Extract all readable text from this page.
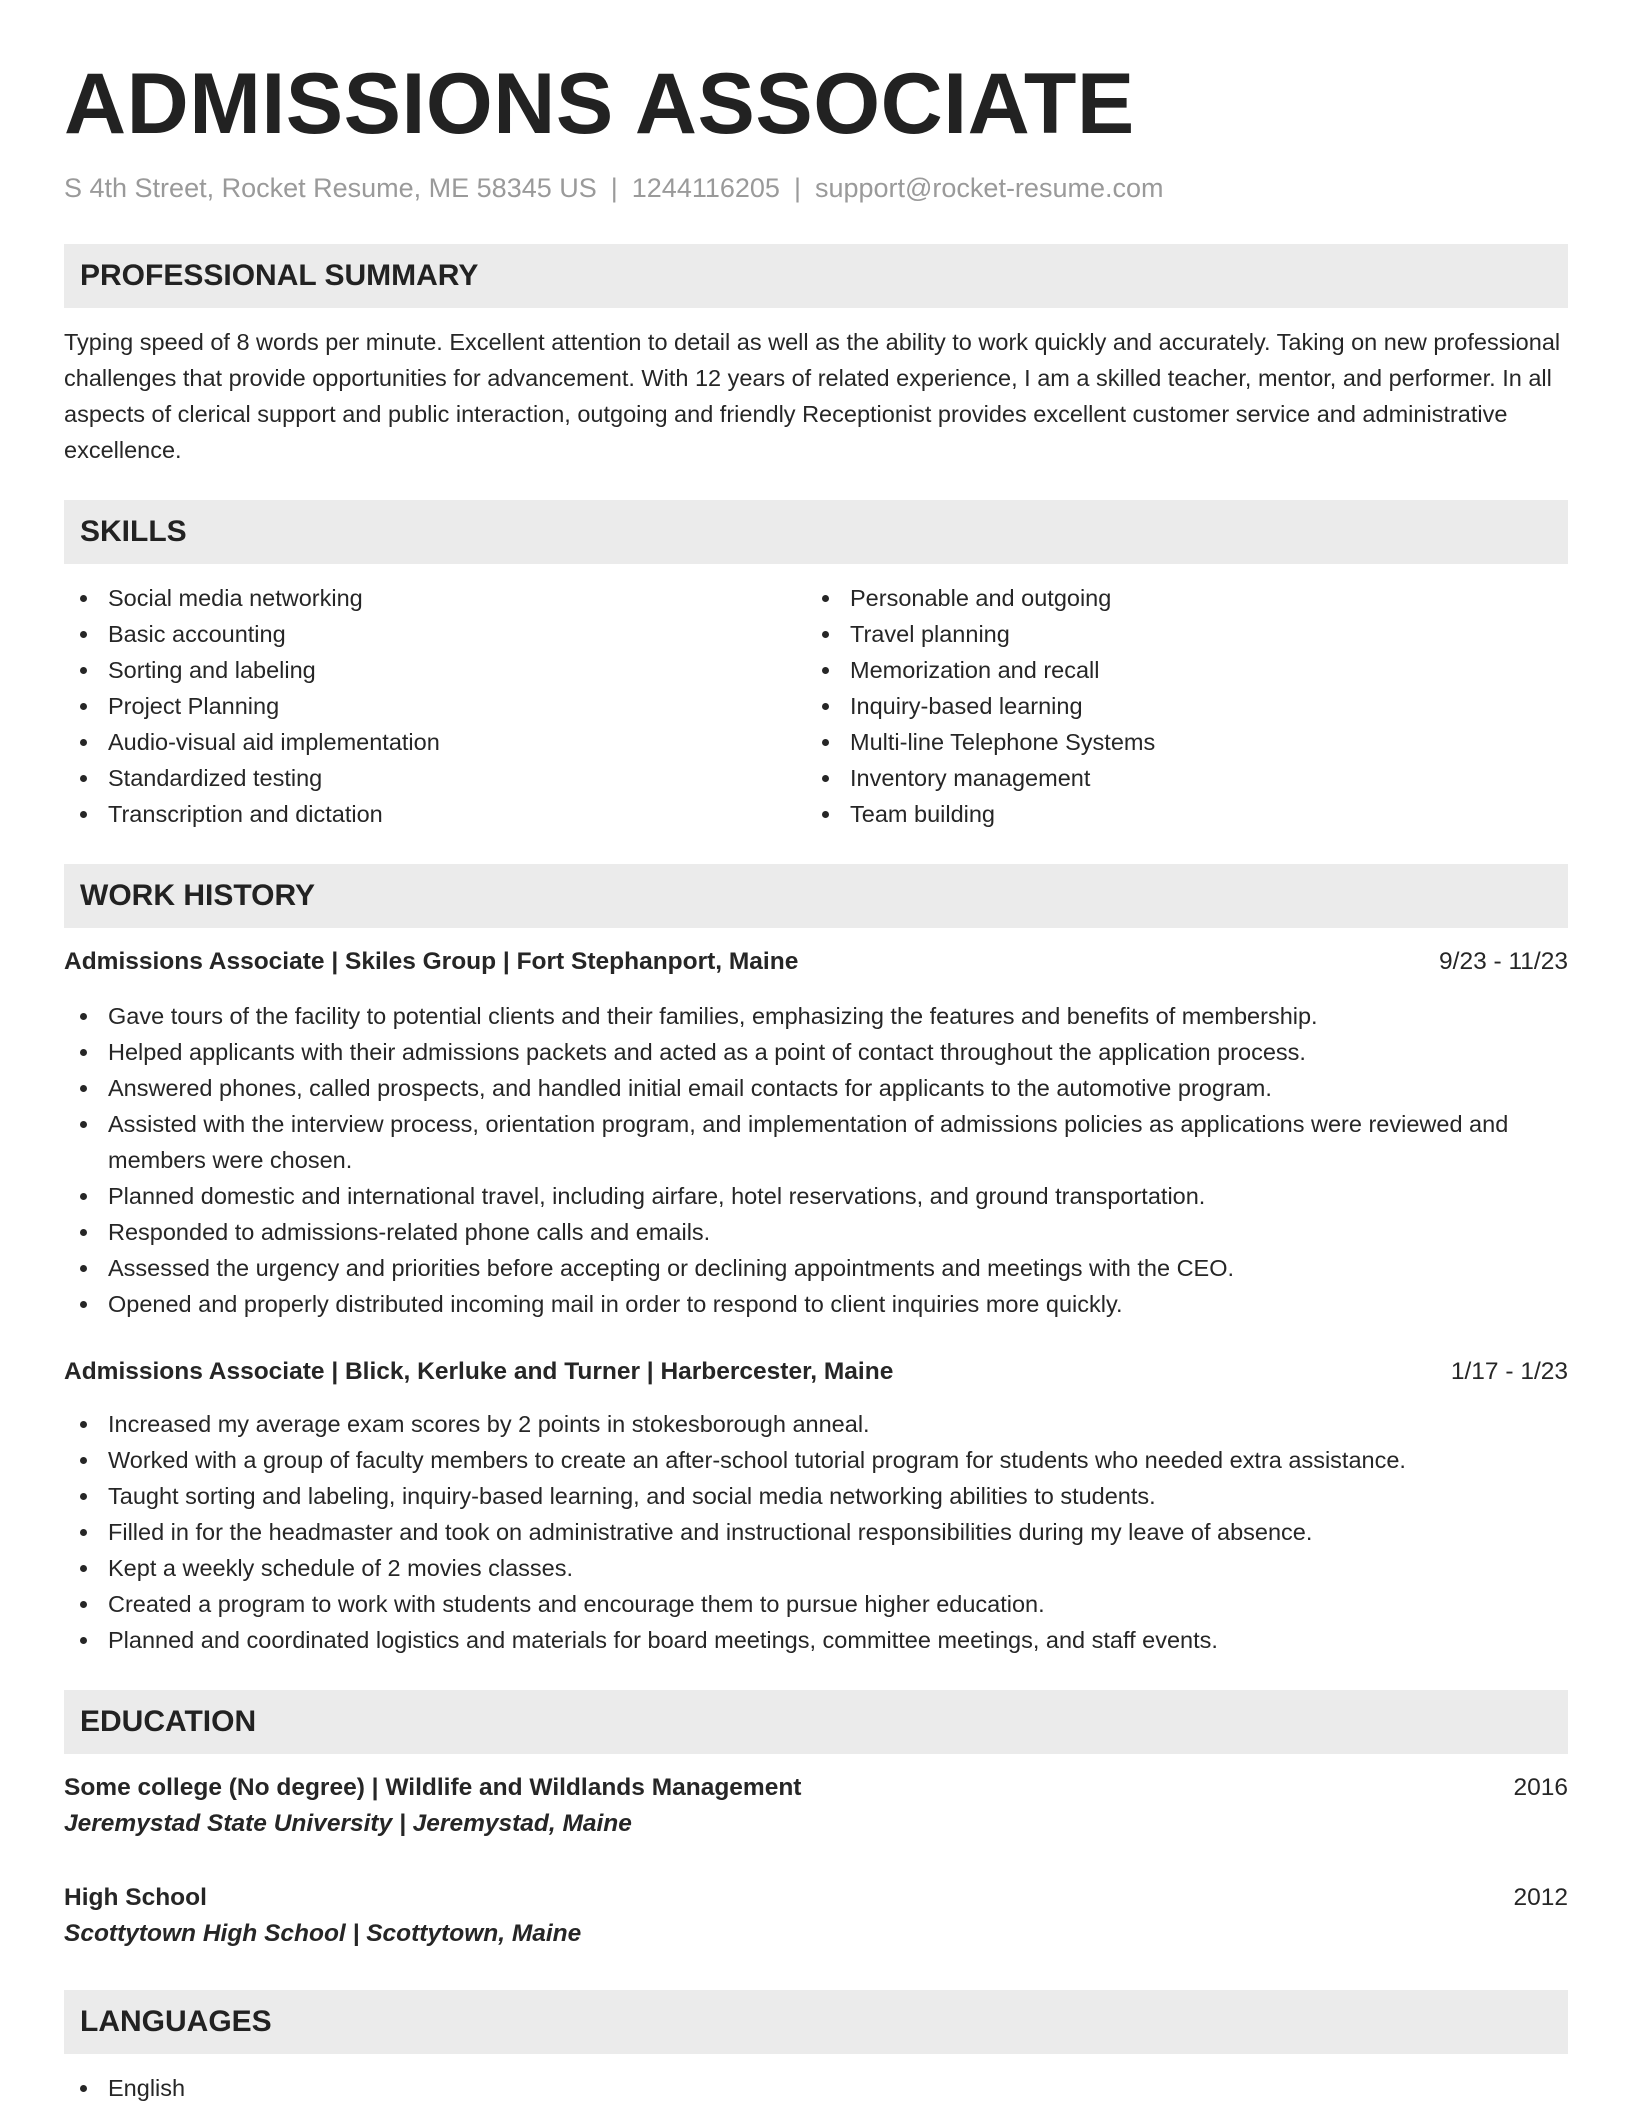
ADMISSIONS ASSOCIATE
S 4th Street, Rocket Resume, ME 58345 US | 1244116205 | support@rocket-resume.com
PROFESSIONAL SUMMARY

Typing speed of 8 words per minute. Excellent attention to detail as well as the ability to work quickly and accurately. Taking on new professional challenges that provide opportunities for advancement. With 12 years of related experience, I am a skilled teacher, mentor, and performer. In all aspects of clerical support and public interaction, outgoing and friendly Receptionist provides excellent customer service and administrative excellence.

SKILLS
Social media networking
Basic accounting
Sorting and labeling
Project Planning
Audio-visual aid implementation
Standardized testing
Transcription and dictation
Personable and outgoing
Travel planning
Memorization and recall
Inquiry-based learning
Multi-line Telephone Systems
Inventory management
Team building
WORK HISTORY
Admissions Associate | Skiles Group | Fort Stephanport, Maine	9/23 - 11/23
Gave tours of the facility to potential clients and their families, emphasizing the features and benefits of membership.
Helped applicants with their admissions packets and acted as a point of contact throughout the application process.
Answered phones, called prospects, and handled initial email contacts for applicants to the automotive program.
Assisted with the interview process, orientation program, and implementation of admissions policies as applications were reviewed and members were chosen.
Planned domestic and international travel, including airfare, hotel reservations, and ground transportation.
Responded to admissions-related phone calls and emails.
Assessed the urgency and priorities before accepting or declining appointments and meetings with the CEO.
Opened and properly distributed incoming mail in order to respond to client inquiries more quickly.
Admissions Associate | Blick, Kerluke and Turner | Harbercester, Maine	1/17 - 1/23
Increased my average exam scores by 2 points in stokesborough anneal.
Worked with a group of faculty members to create an after-school tutorial program for students who needed extra assistance.
Taught sorting and labeling, inquiry-based learning, and social media networking abilities to students.
Filled in for the headmaster and took on administrative and instructional responsibilities during my leave of absence.
Kept a weekly schedule of 2 movies classes.
Created a program to work with students and encourage them to pursue higher education.
Planned and coordinated logistics and materials for board meetings, committee meetings, and staff events.
EDUCATION
Some college (No degree) | Wildlife and Wildlands Management	2016
Jeremystad State University | Jeremystad, Maine
High School	2012
Scottytown High School | Scottytown, Maine
LANGUAGES
English
